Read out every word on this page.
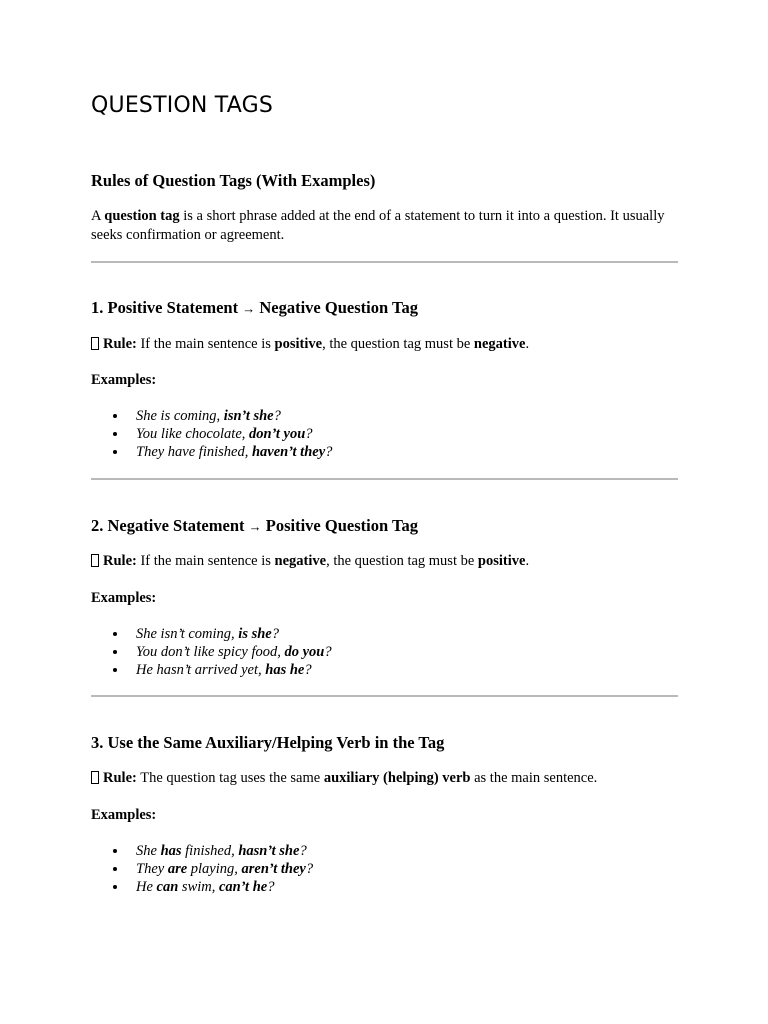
QUESTION TAGS
Rules of Question Tags (With Examples)
A question tag is a short phrase added at the end of a statement to turn it into a question. It usually seeks confirmation or agreement.
1. Positive Statement → Negative Question Tag
Rule: If the main sentence is positive, the question tag must be negative.
Examples:
She is coming, isn’t she?
You like chocolate, don’t you?
They have finished, haven’t they?
2. Negative Statement → Positive Question Tag
Rule: If the main sentence is negative, the question tag must be positive.
Examples:
She isn’t coming, is she?
You don’t like spicy food, do you?
He hasn’t arrived yet, has he?
3. Use the Same Auxiliary/Helping Verb in the Tag
Rule: The question tag uses the same auxiliary (helping) verb as the main sentence.
Examples:
She has finished, hasn’t she?
They are playing, aren’t they?
He can swim, can’t he?
